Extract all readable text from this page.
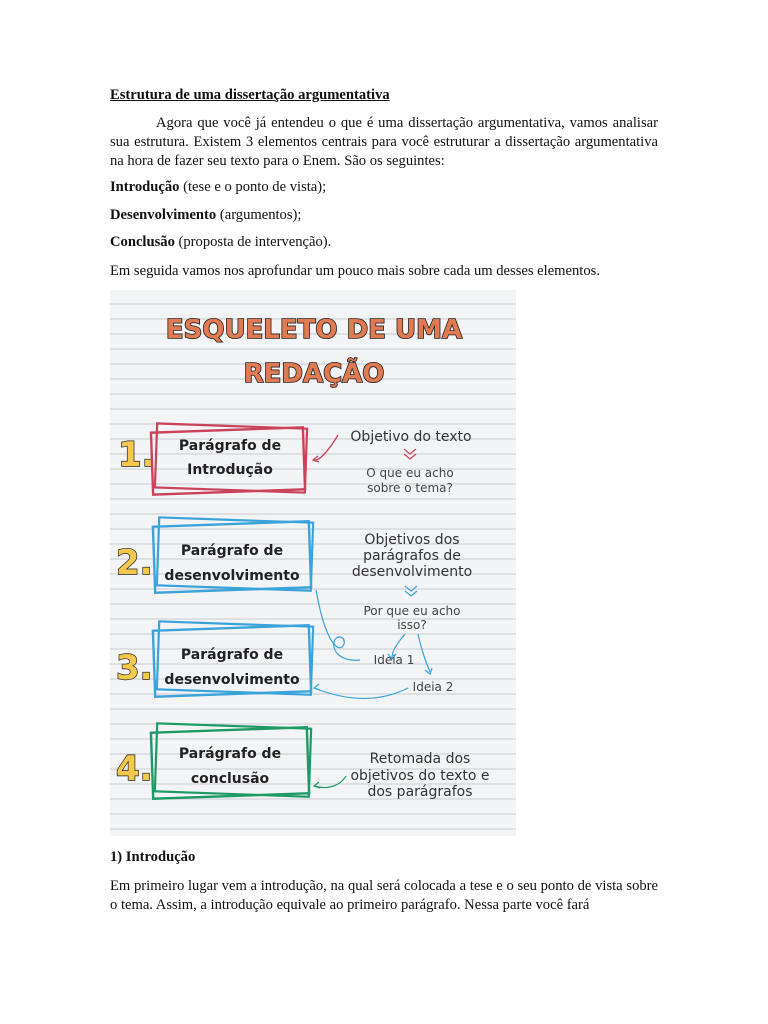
Estrutura de uma dissertação argumentativa
Agora que você já entendeu o que é uma dissertação argumentativa, vamos analisar sua estrutura. Existem 3 elementos centrais para você estruturar a dissertação argumentativa na hora de fazer seu texto para o Enem. São os seguintes:
Introdução (tese e o ponto de vista);
Desenvolvimento (argumentos);
Conclusão (proposta de intervenção).
Em seguida vamos nos aprofundar um pouco mais sobre cada um desses elementos.
ESQUELETO DE UMA
REDAÇÃO
1. Parágrafo de
Introdução
2. Parágrafo de
desenvolvimento
3. Parágrafo de
desenvolvimento
4. Parágrafo de
conclusão
Objetivo do texto
O que eu acho
sobre o tema?
Objetivos dos
parágrafos de
desenvolvimento
Por que eu acho
isso?
Ideia 1
Ideia 2
Retomada dos
objetivos do texto e
dos parágrafos
1) Introdução
Em primeiro lugar vem a introdução, na qual será colocada a tese e o seu ponto de vista sobre o tema. Assim, a introdução equivale ao primeiro parágrafo. Nessa parte você fará
